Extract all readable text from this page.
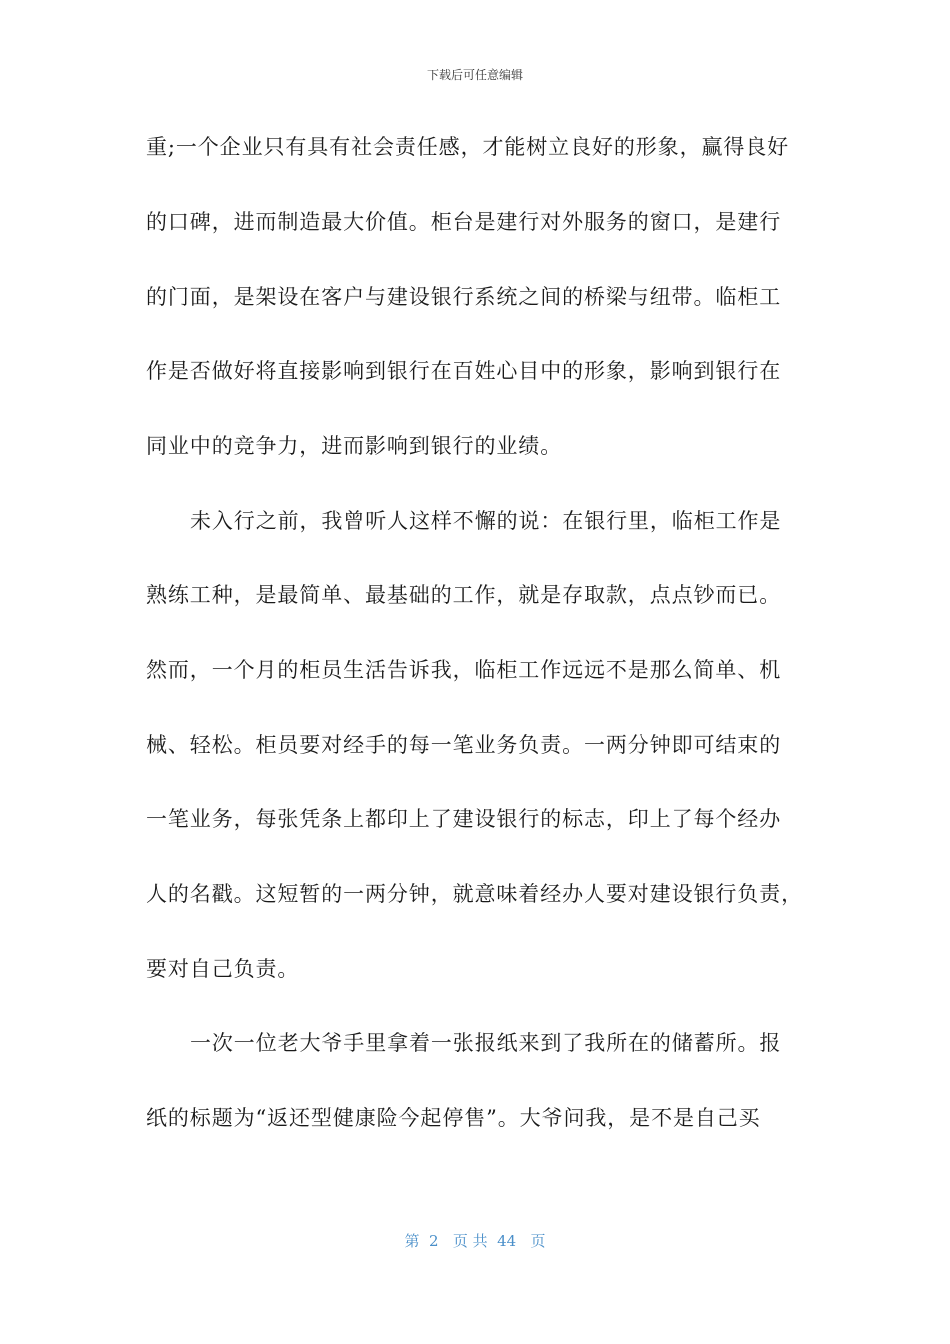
下载后可任意编辑
重;一个企业只有具有社会责任感，才能树立良好的形象，赢得良好
的口碑，进而制造最大价值。柜台是建行对外服务的窗口，是建行
的门面，是架设在客户与建设银行系统之间的桥梁与纽带。临柜工
作是否做好将直接影响到银行在百姓心目中的形象，影响到银行在
同业中的竞争力，进而影响到银行的业绩。
未入行之前，我曾听人这样不懈的说：在银行里，临柜工作是
熟练工种，是最简单、最基础的工作，就是存取款，点点钞而已。
然而，一个月的柜员生活告诉我，临柜工作远远不是那么简单、机
械、轻松。柜员要对经手的每一笔业务负责。一两分钟即可结束的
一笔业务，每张凭条上都印上了建设银行的标志，印上了每个经办
人的名戳。这短暂的一两分钟，就意味着经办人要对建设银行负责，
要对自己负责。
一次一位老大爷手里拿着一张报纸来到了我所在的储蓄所。报
纸的标题为“返还型健康险今起停售”。大爷问我，是不是自己买
第  2   页 共  44   页
